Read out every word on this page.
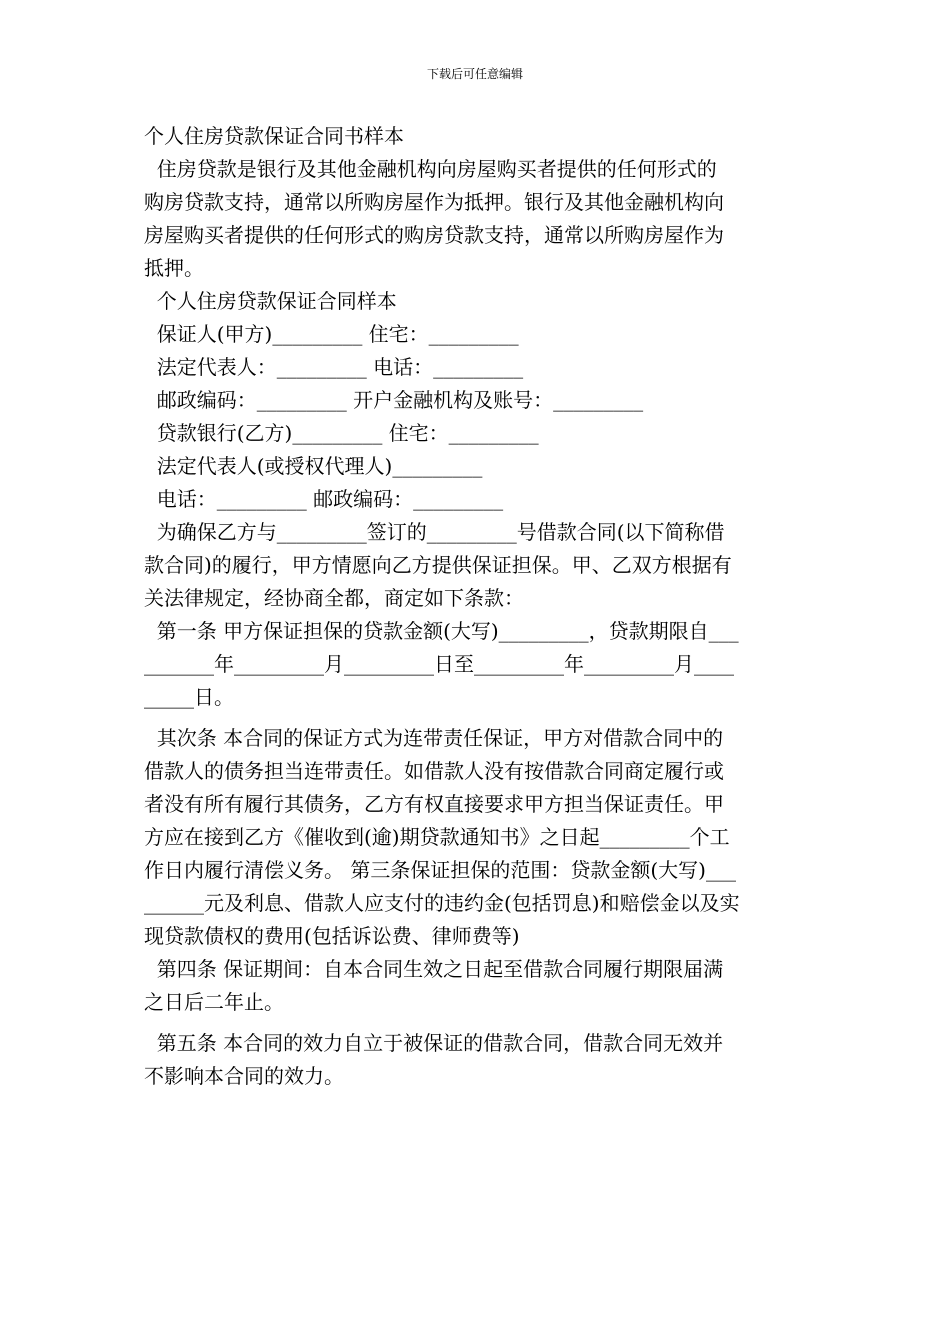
下载后可任意编辑
个人住房贷款保证合同书样本
住房贷款是银行及其他金融机构向房屋购买者提供的任何形式的
购房贷款支持，通常以所购房屋作为抵押。银行及其他金融机构向
房屋购买者提供的任何形式的购房贷款支持，通常以所购房屋作为
抵押。
个人住房贷款保证合同样本
保证人(甲方)_________ 住宅：_________
法定代表人：_________ 电话：_________
邮政编码：_________ 开户金融机构及账号：_________
贷款银行(乙方)_________ 住宅：_________
法定代表人(或授权代理人)_________
电话：_________ 邮政编码：_________
为确保乙方与_________签订的_________号借款合同(以下简称借
款合同)的履行，甲方情愿向乙方提供保证担保。甲、乙双方根据有
关法律规定，经协商全都，商定如下条款：
第一条 甲方保证担保的贷款金额(大写)_________，贷款期限自___
_______年_________月_________日至_________年_________月____
_____日。
其次条 本合同的保证方式为连带责任保证，甲方对借款合同中的
借款人的债务担当连带责任。如借款人没有按借款合同商定履行或
者没有所有履行其债务，乙方有权直接要求甲方担当保证责任。甲
方应在接到乙方《催收到(逾)期贷款通知书》之日起_________个工
作日内履行清偿义务。 第三条保证担保的范围：贷款金额(大写)___
______元及利息、借款人应支付的违约金(包括罚息)和赔偿金以及实
现贷款债权的费用(包括诉讼费、律师费等)
第四条 保证期间：自本合同生效之日起至借款合同履行期限届满
之日后二年止。
第五条 本合同的效力自立于被保证的借款合同，借款合同无效并
不影响本合同的效力。
